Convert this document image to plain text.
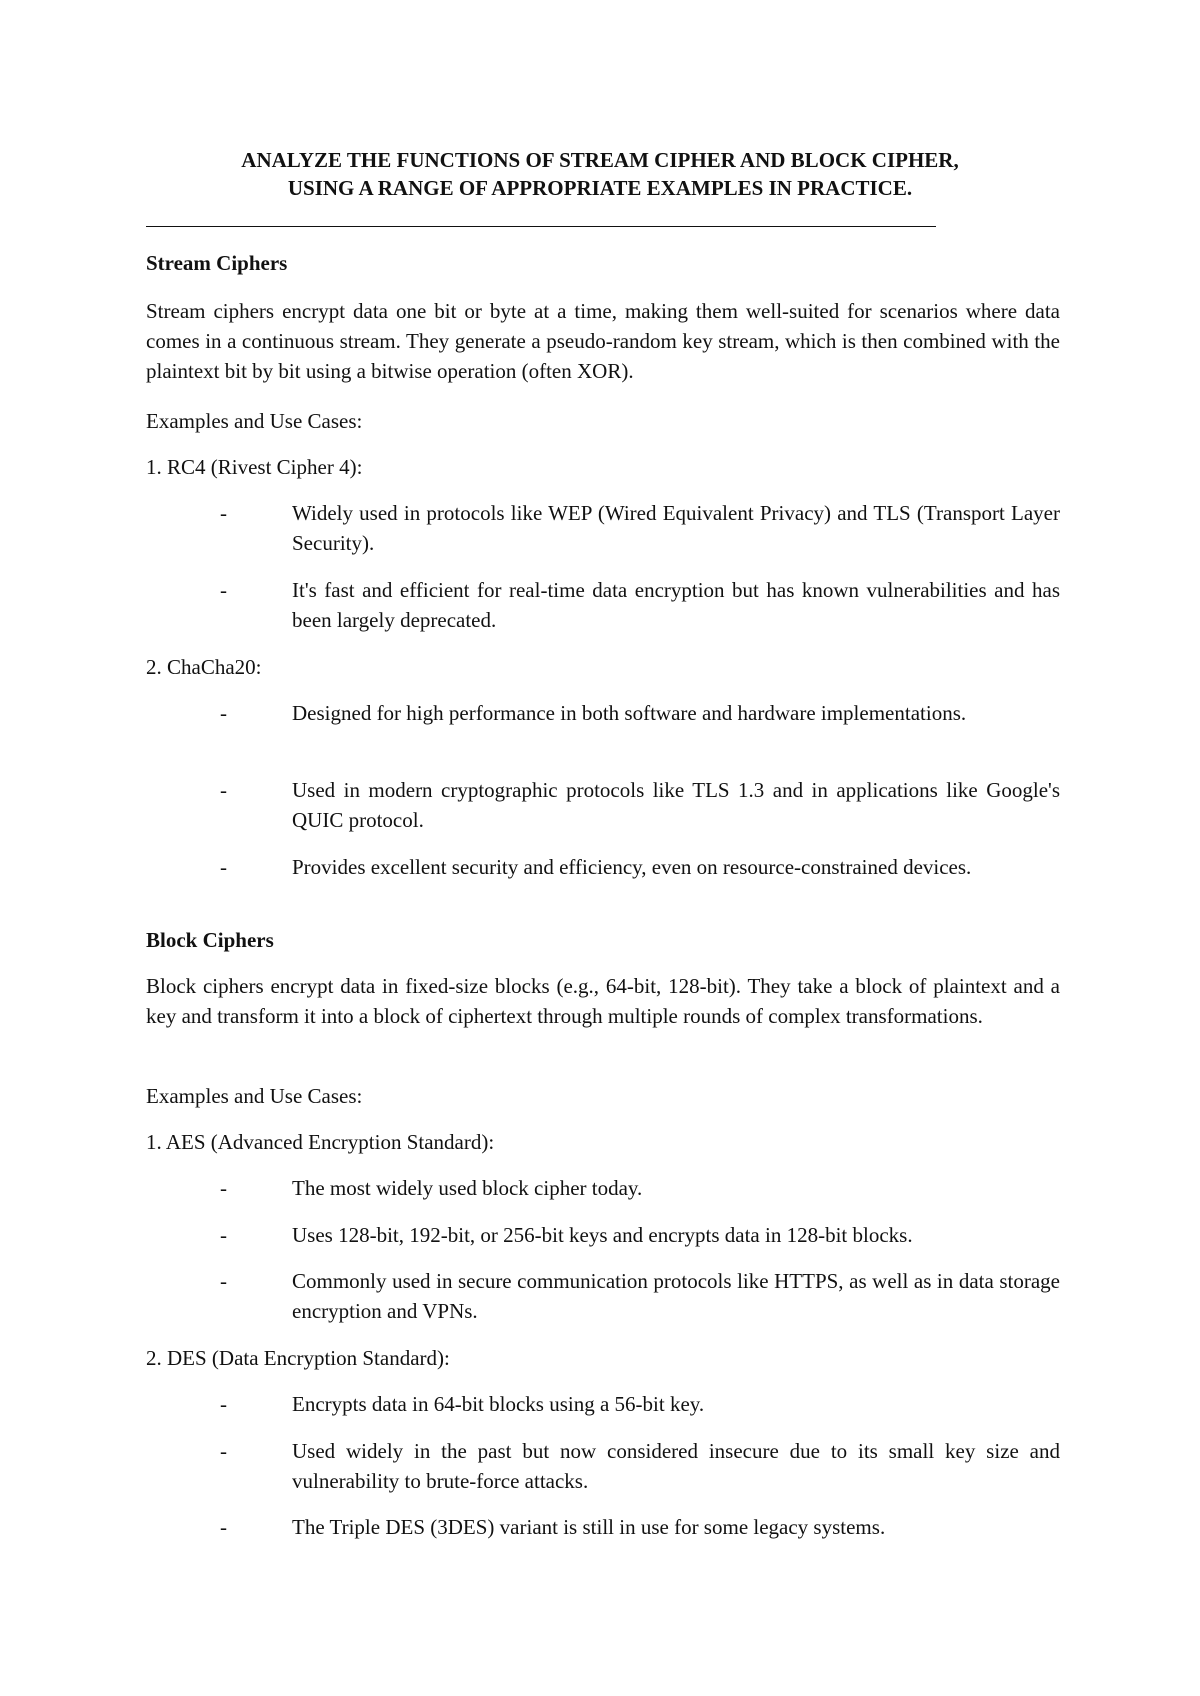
ANALYZE THE FUNCTIONS OF STREAM CIPHER AND BLOCK CIPHER,
USING A RANGE OF APPROPRIATE EXAMPLES IN PRACTICE.
Stream Ciphers
Stream ciphers encrypt data one bit or byte at a time, making them well-suited for scenarios where data comes in a continuous stream. They generate a pseudo-random key stream, which is then combined with the plaintext bit by bit using a bitwise operation (often XOR).
Examples and Use Cases:
1. RC4 (Rivest Cipher 4):
-	Widely used in protocols like WEP (Wired Equivalent Privacy) and TLS (Transport Layer Security).
-	It's fast and efficient for real-time data encryption but has known vulnerabilities and has been largely deprecated.
2. ChaCha20:
-	Designed for high performance in both software and hardware implementations.
-	Used in modern cryptographic protocols like TLS 1.3 and in applications like Google's QUIC protocol.
-	Provides excellent security and efficiency, even on resource-constrained devices.
Block Ciphers
Block ciphers encrypt data in fixed-size blocks (e.g., 64-bit, 128-bit). They take a block of plaintext and a key and transform it into a block of ciphertext through multiple rounds of complex transformations.
Examples and Use Cases:
1. AES (Advanced Encryption Standard):
-	The most widely used block cipher today.
-	Uses 128-bit, 192-bit, or 256-bit keys and encrypts data in 128-bit blocks.
-	Commonly used in secure communication protocols like HTTPS, as well as in data storage encryption and VPNs.
2. DES (Data Encryption Standard):
-	Encrypts data in 64-bit blocks using a 56-bit key.
-	Used widely in the past but now considered insecure due to its small key size and vulnerability to brute-force attacks.
-	The Triple DES (3DES) variant is still in use for some legacy systems.
